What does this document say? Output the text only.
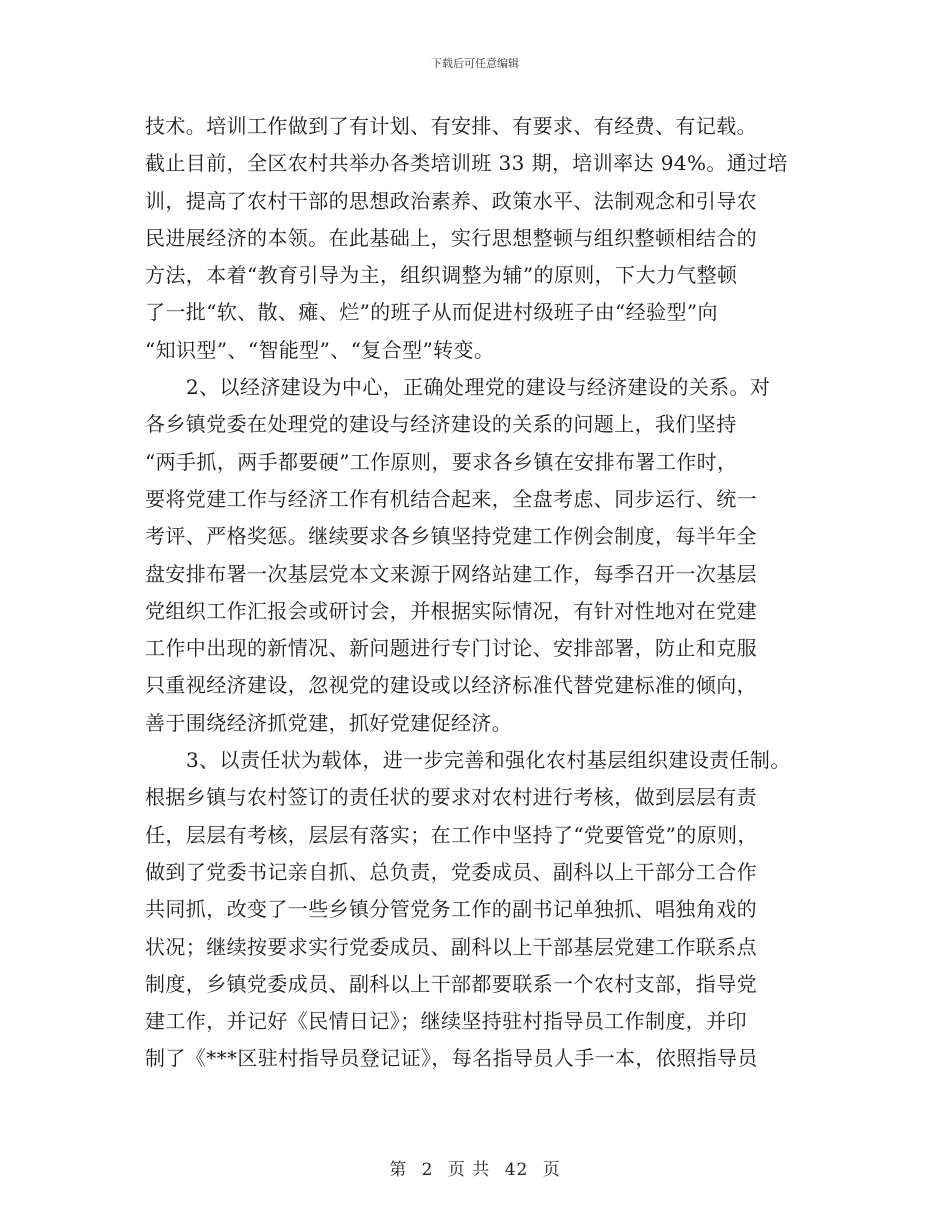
下载后可任意编辑
技术。培训工作做到了有计划、有安排、有要求、有经费、有记载。
截止目前，全区农村共举办各类培训班 33 期，培训率达 94%。通过培
训，提高了农村干部的思想政治素养、政策水平、法制观念和引导农
民进展经济的本领。在此基础上，实行思想整顿与组织整顿相结合的
方法，本着“教育引导为主，组织调整为辅”的原则，下大力气整顿
了一批“软、散、瘫、烂”的班子从而促进村级班子由“经验型”向
“知识型”、“智能型”、“复合型”转变。
2、以经济建设为中心，正确处理党的建设与经济建设的关系。对
各乡镇党委在处理党的建设与经济建设的关系的问题上，我们坚持
“两手抓，两手都要硬”工作原则，要求各乡镇在安排布署工作时，
要将党建工作与经济工作有机结合起来，全盘考虑、同步运行、统一
考评、严格奖惩。继续要求各乡镇坚持党建工作例会制度，每半年全
盘安排布署一次基层党本文来源于网络站建工作，每季召开一次基层
党组织工作汇报会或研讨会，并根据实际情况，有针对性地对在党建
工作中出现的新情况、新问题进行专门讨论、安排部署，防止和克服
只重视经济建设，忽视党的建设或以经济标准代替党建标准的倾向，
善于围绕经济抓党建，抓好党建促经济。
3、以责任状为载体，进一步完善和强化农村基层组织建设责任制。
根据乡镇与农村签订的责任状的要求对农村进行考核，做到层层有责
任，层层有考核，层层有落实；在工作中坚持了“党要管党”的原则，
做到了党委书记亲自抓、总负责，党委成员、副科以上干部分工合作
共同抓，改变了一些乡镇分管党务工作的副书记单独抓、唱独角戏的
状况；继续按要求实行党委成员、副科以上干部基层党建工作联系点
制度，乡镇党委成员、副科以上干部都要联系一个农村支部，指导党
建工作，并记好《民情日记》；继续坚持驻村指导员工作制度，并印
制了《***区驻村指导员登记证》，每名指导员人手一本，依照指导员
第 2 页 共 42 页
